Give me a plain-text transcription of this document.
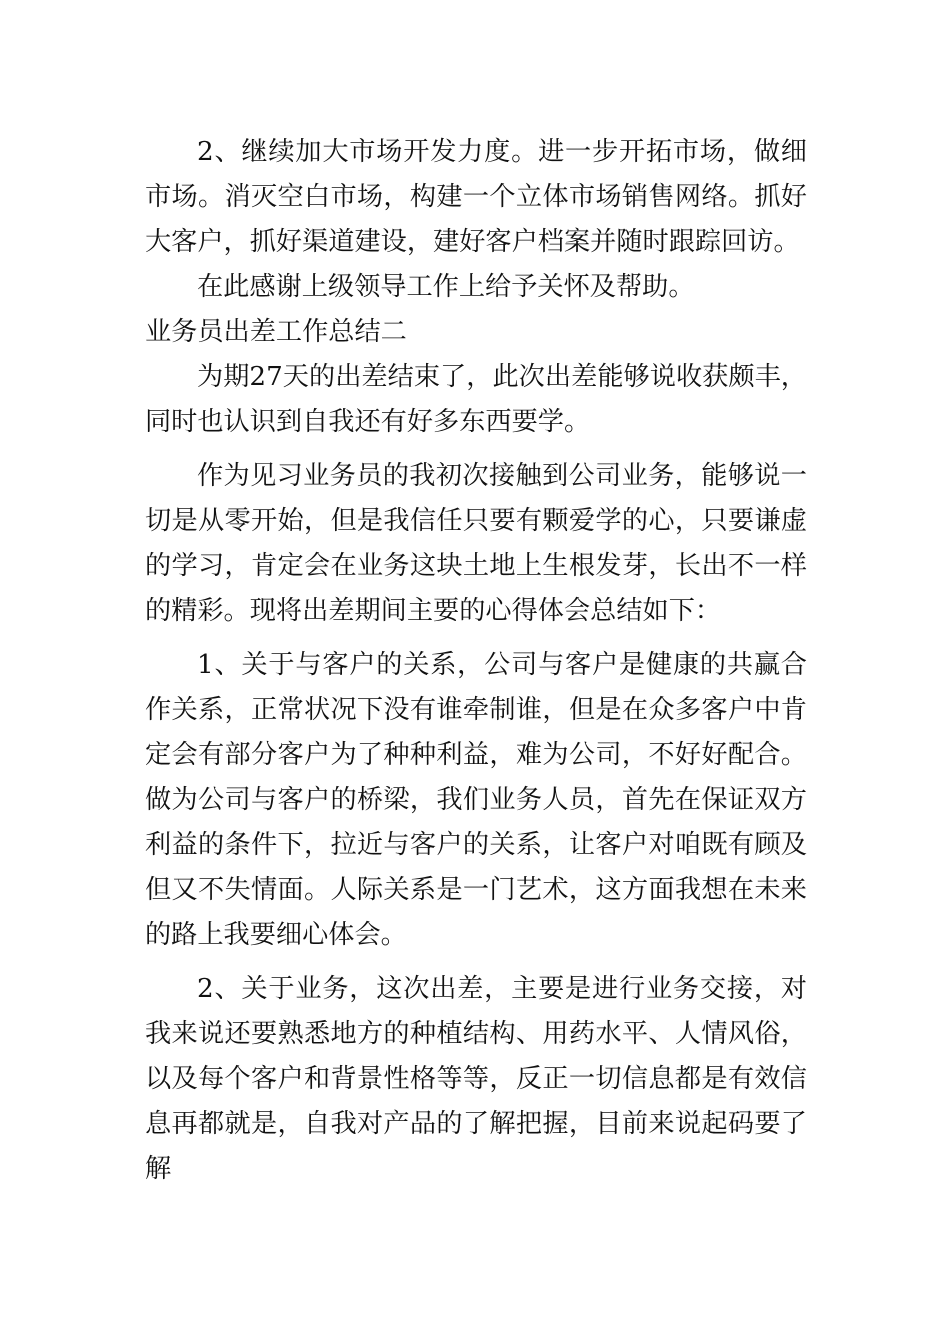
2、继续加大市场开发力度。进一步开拓市场，做细市场。消灭空白市场，构建一个立体市场销售网络。抓好大客户，抓好渠道建设，建好客户档案并随时跟踪回访。

在此感谢上级领导工作上给予关怀及帮助。

业务员出差工作总结二

为期27天的出差结束了，此次出差能够说收获颇丰，同时也认识到自我还有好多东西要学。

作为见习业务员的我初次接触到公司业务，能够说一切是从零开始，但是我信任只要有颗爱学的心，只要谦虚的学习，肯定会在业务这块土地上生根发芽，长出不一样的精彩。现将出差期间主要的心得体会总结如下：

1、关于与客户的关系，公司与客户是健康的共赢合作关系，正常状况下没有谁牵制谁，但是在众多客户中肯定会有部分客户为了种种利益，难为公司，不好好配合。做为公司与客户的桥梁，我们业务人员，首先在保证双方利益的条件下，拉近与客户的关系，让客户对咱既有顾及但又不失情面。人际关系是一门艺术，这方面我想在未来的路上我要细心体会。

2、关于业务，这次出差，主要是进行业务交接，对我来说还要熟悉地方的种植结构、用药水平、人情风俗，以及每个客户和背景性格等等，反正一切信息都是有效信息再都就是，自我对产品的了解把握，目前来说起码要了解
